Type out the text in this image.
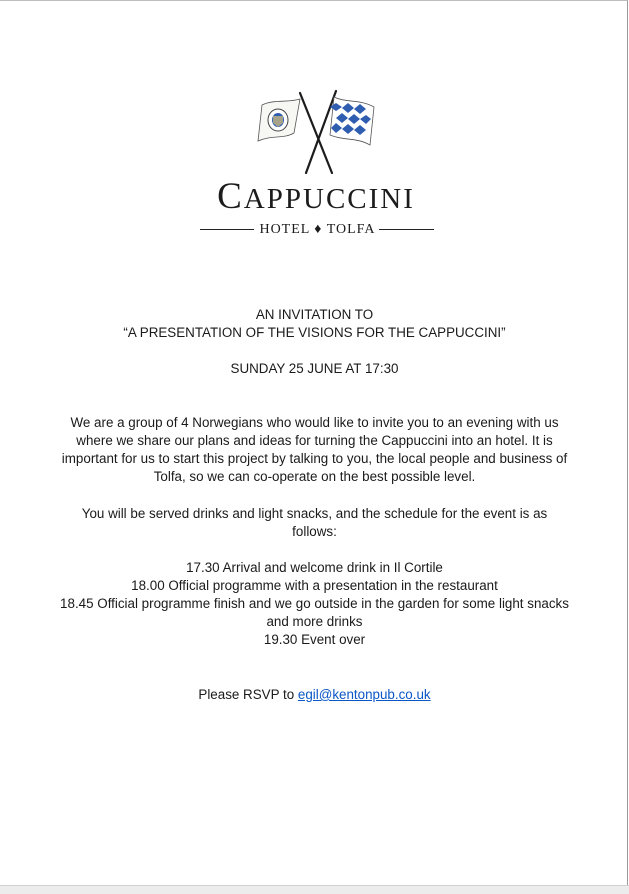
CAPPUCCINI
HOTEL ♦ TOLFA

AN INVITATION TO

“A PRESENTATION OF THE VISIONS FOR THE CAPPUCCINI”

SUNDAY 25 JUNE AT 17:30

We are a group of 4 Norwegians who would like to invite you to an evening with us where we share our plans and ideas for turning the Cappuccini into an hotel. It is important for us to start this project by talking to you, the local people and business of Tolfa, so we can co-operate on the best possible level.

You will be served drinks and light snacks, and the schedule for the event is as follows:

17.30 Arrival and welcome drink in Il Cortile

18.00 Official programme with a presentation in the restaurant

18.45 Official programme finish and we go outside in the garden for some light snacks and more drinks

19.30 Event over

Please RSVP to egil@kentonpub.co.uk
